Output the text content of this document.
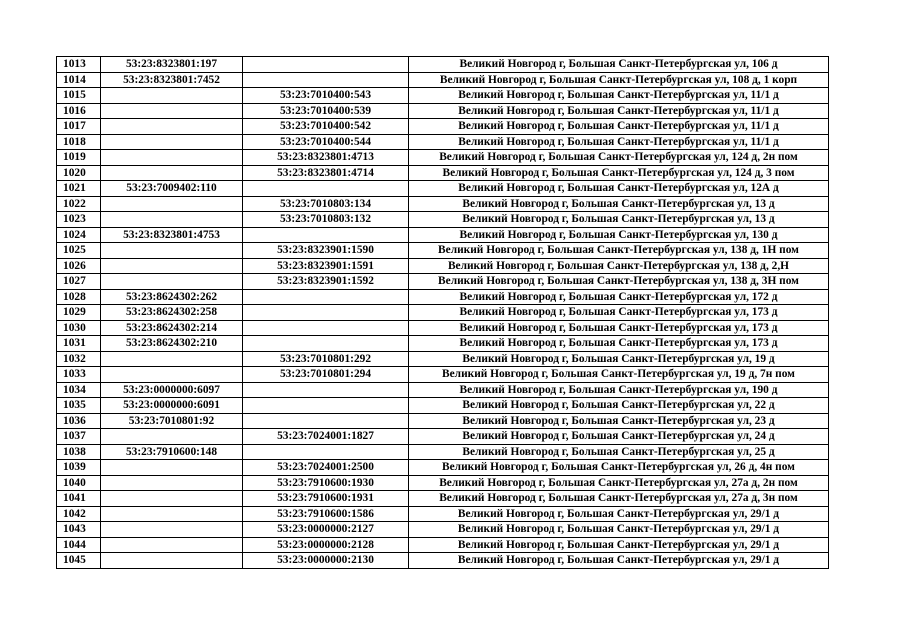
1013	53:23:8323801:197		Великий Новгород г, Большая Санкт-Петербургская ул, 106 д
1014	53:23:8323801:7452		Великий Новгород г, Большая Санкт-Петербургская ул, 108 д, 1 корп
1015		53:23:7010400:543	Великий Новгород г, Большая Санкт-Петербургская ул, 11/1 д
1016		53:23:7010400:539	Великий Новгород г, Большая Санкт-Петербургская ул, 11/1 д
1017		53:23:7010400:542	Великий Новгород г, Большая Санкт-Петербургская ул, 11/1 д
1018		53:23:7010400:544	Великий Новгород г, Большая Санкт-Петербургская ул, 11/1 д
1019		53:23:8323801:4713	Великий Новгород г, Большая Санкт-Петербургская ул, 124 д, 2н пом
1020		53:23:8323801:4714	Великий Новгород г, Большая Санкт-Петербургская ул, 124 д, 3 пом
1021	53:23:7009402:110		Великий Новгород г, Большая Санкт-Петербургская ул, 12А д
1022		53:23:7010803:134	Великий Новгород г, Большая Санкт-Петербургская ул, 13 д
1023		53:23:7010803:132	Великий Новгород г, Большая Санкт-Петербургская ул, 13 д
1024	53:23:8323801:4753		Великий Новгород г, Большая Санкт-Петербургская ул, 130 д
1025		53:23:8323901:1590	Великий Новгород г, Большая Санкт-Петербургская ул, 138 д, 1Н пом
1026		53:23:8323901:1591	Великий Новгород г, Большая Санкт-Петербургская ул, 138 д, 2,Н
1027		53:23:8323901:1592	Великий Новгород г, Большая Санкт-Петербургская ул, 138 д, 3Н пом
1028	53:23:8624302:262		Великий Новгород г, Большая Санкт-Петербургская ул, 172 д
1029	53:23:8624302:258		Великий Новгород г, Большая Санкт-Петербургская ул, 173 д
1030	53:23:8624302:214		Великий Новгород г, Большая Санкт-Петербургская ул, 173 д
1031	53:23:8624302:210		Великий Новгород г, Большая Санкт-Петербургская ул, 173 д
1032		53:23:7010801:292	Великий Новгород г, Большая Санкт-Петербургская ул, 19 д
1033		53:23:7010801:294	Великий Новгород г, Большая Санкт-Петербургская ул, 19 д, 7н пом
1034	53:23:0000000:6097		Великий Новгород г, Большая Санкт-Петербургская ул, 190 д
1035	53:23:0000000:6091		Великий Новгород г, Большая Санкт-Петербургская ул, 22 д
1036	53:23:7010801:92		Великий Новгород г, Большая Санкт-Петербургская ул, 23 д
1037		53:23:7024001:1827	Великий Новгород г, Большая Санкт-Петербургская ул, 24 д
1038	53:23:7910600:148		Великий Новгород г, Большая Санкт-Петербургская ул, 25 д
1039		53:23:7024001:2500	Великий Новгород г, Большая Санкт-Петербургская ул, 26 д, 4н пом
1040		53:23:7910600:1930	Великий Новгород г, Большая Санкт-Петербургская ул, 27а д, 2н пом
1041		53:23:7910600:1931	Великий Новгород г, Большая Санкт-Петербургская ул, 27а д, 3н пом
1042		53:23:7910600:1586	Великий Новгород г, Большая Санкт-Петербургская ул, 29/1 д
1043		53:23:0000000:2127	Великий Новгород г, Большая Санкт-Петербургская ул, 29/1 д
1044		53:23:0000000:2128	Великий Новгород г, Большая Санкт-Петербургская ул, 29/1 д
1045		53:23:0000000:2130	Великий Новгород г, Большая Санкт-Петербургская ул, 29/1 д
